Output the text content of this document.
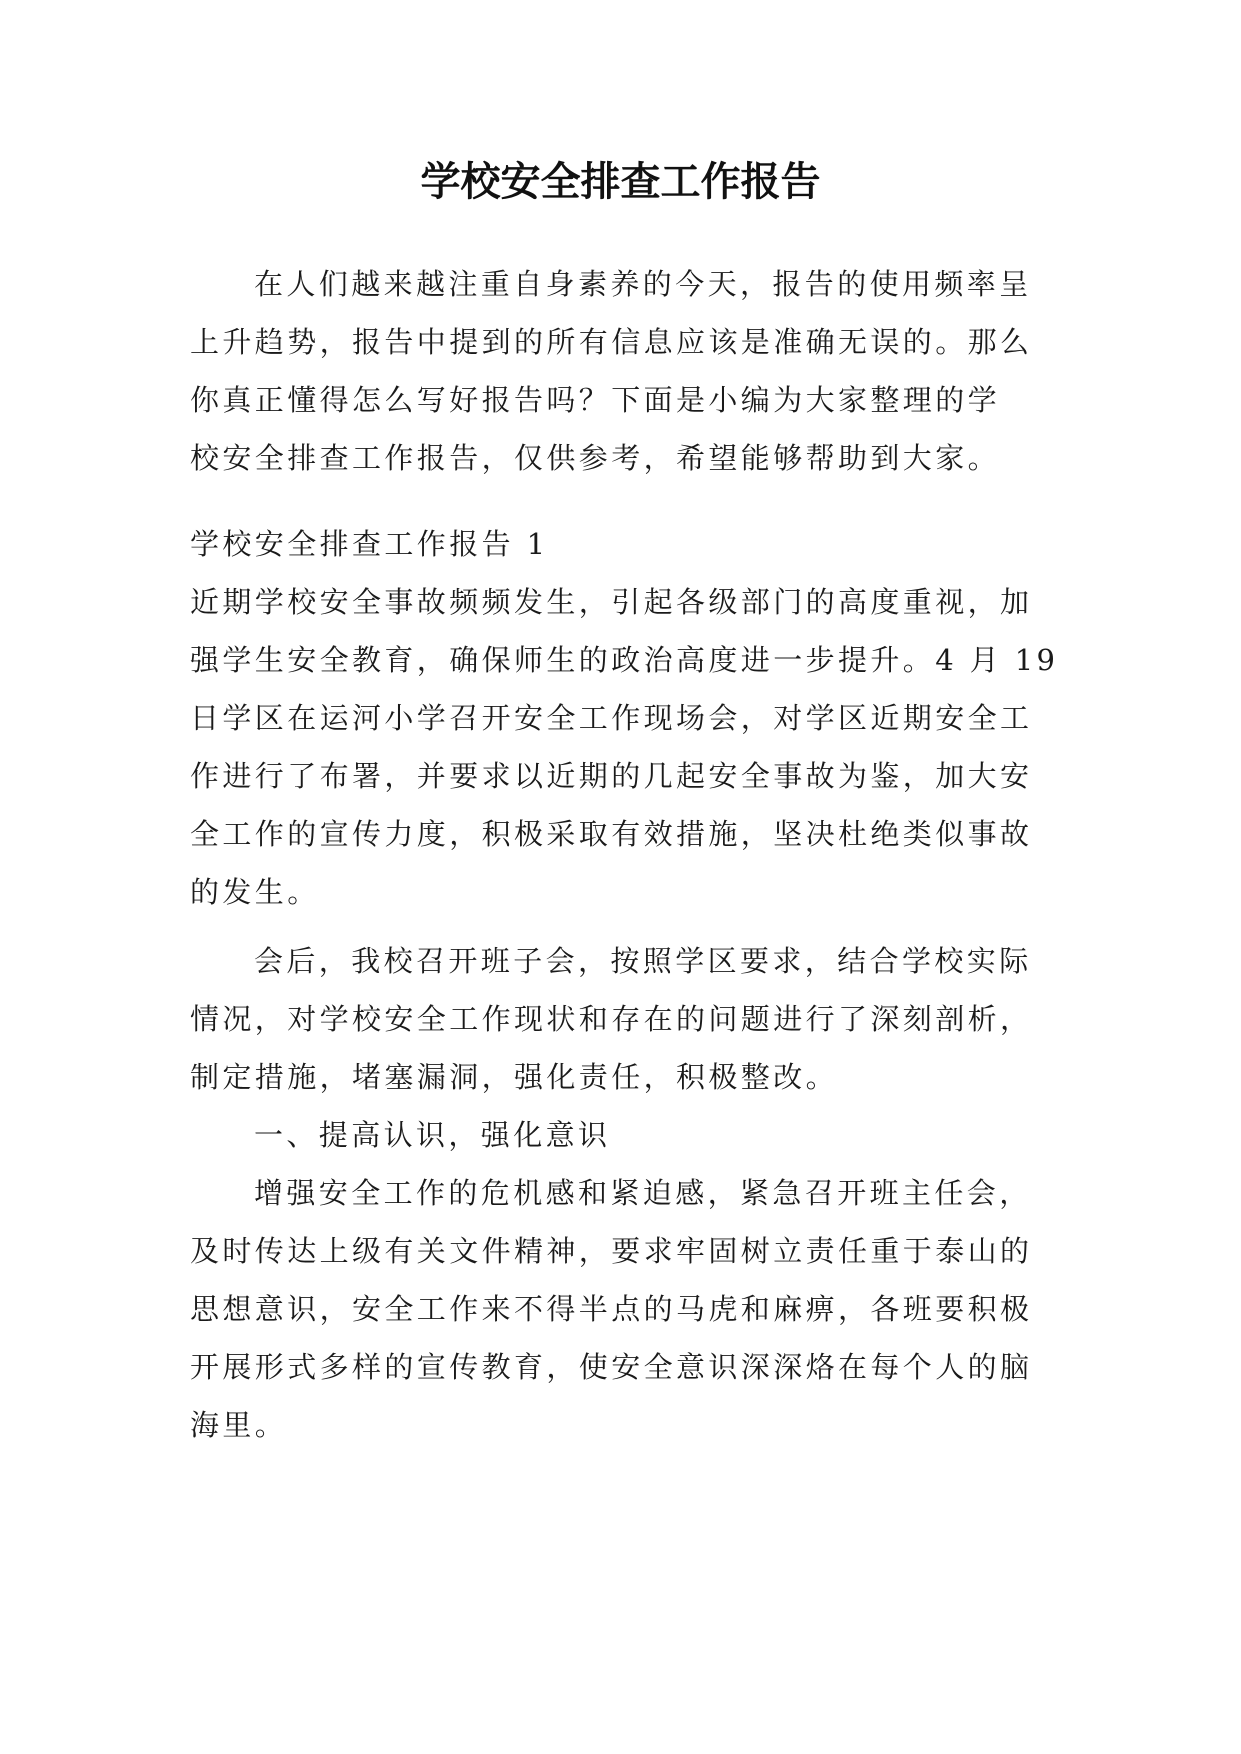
学校安全排查工作报告
在人们越来越注重自身素养的今天，报告的使用频率呈
上升趋势，报告中提到的所有信息应该是准确无误的。那么
你真正懂得怎么写好报告吗？下面是小编为大家整理的学
校安全排查工作报告，仅供参考，希望能够帮助到大家。
学校安全排查工作报告 1
近期学校安全事故频频发生，引起各级部门的高度重视，加
强学生安全教育，确保师生的政治高度进一步提升。4 月 19
日学区在运河小学召开安全工作现场会，对学区近期安全工
作进行了布署，并要求以近期的几起安全事故为鉴，加大安
全工作的宣传力度，积极采取有效措施，坚决杜绝类似事故
的发生。
会后，我校召开班子会，按照学区要求，结合学校实际
情况，对学校安全工作现状和存在的问题进行了深刻剖析，
制定措施，堵塞漏洞，强化责任，积极整改。
一、提高认识，强化意识
增强安全工作的危机感和紧迫感，紧急召开班主任会，
及时传达上级有关文件精神，要求牢固树立责任重于泰山的
思想意识，安全工作来不得半点的马虎和麻痹，各班要积极
开展形式多样的宣传教育，使安全意识深深烙在每个人的脑
海里。
